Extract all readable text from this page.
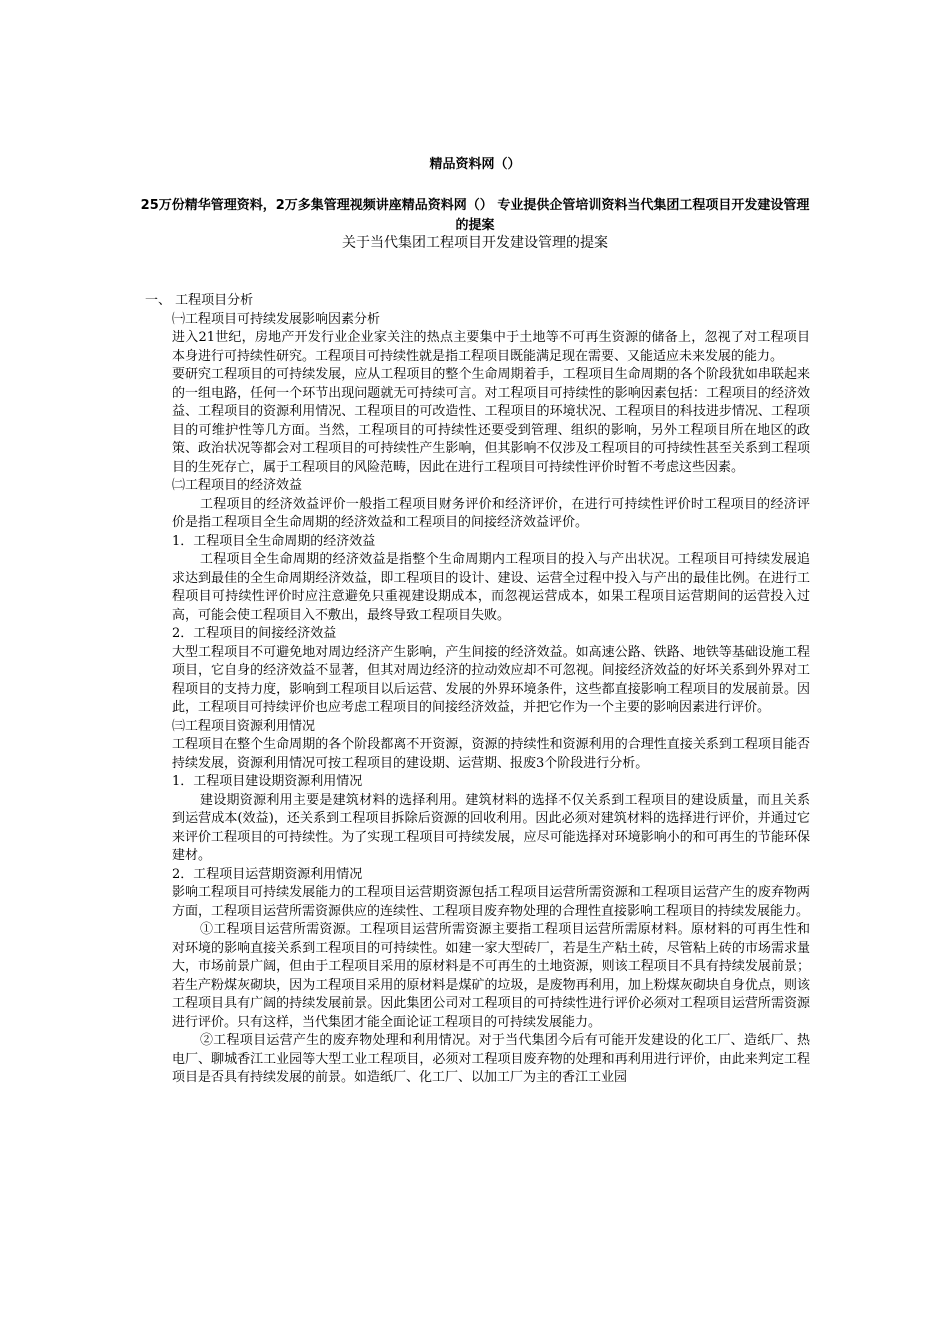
精品资料网（）
25万份精华管理资料，2万多集管理视频讲座精品资料网（） 专业提供企管培训资料当代集团工程项目开发建设管理的提案
关于当代集团工程项目开发建设管理的提案

一、 工程项目分析

㈠工程项目可持续发展影响因素分析

进入21世纪，房地产开发行业企业家关注的热点主要集中于土地等不可再生资源的储备上，忽视了对工程项目本身进行可持续性研究。工程项目可持续性就是指工程项目既能满足现在需要、又能适应未来发展的能力。

要研究工程项目的可持续发展，应从工程项目的整个生命周期着手，工程项目生命周期的各个阶段犹如串联起来的一组电路，任何一个环节出现问题就无可持续可言。对工程项目可持续性的影响因素包括：工程项目的经济效益、工程项目的资源利用情况、工程项目的可改造性、工程项目的环境状况、工程项目的科技进步情况、工程项目的可维护性等几方面。当然，工程项目的可持续性还要受到管理、组织的影响，另外工程项目所在地区的政策、政治状况等都会对工程项目的可持续性产生影响，但其影响不仅涉及工程项目的可持续性甚至关系到工程项目的生死存亡，属于工程项目的风险范畴，因此在进行工程项目可持续性评价时暂不考虑这些因素。

㈡工程项目的经济效益

工程项目的经济效益评价一般指工程项目财务评价和经济评价，在进行可持续性评价时工程项目的经济评价是指工程项目全生命周期的经济效益和工程项目的间接经济效益评价。

1．工程项目全生命周期的经济效益

工程项目全生命周期的经济效益是指整个生命周期内工程项目的投入与产出状况。工程项目可持续发展追求达到最佳的全生命周期经济效益，即工程项目的设计、建设、运营全过程中投入与产出的最佳比例。在进行工程项目可持续性评价时应注意避免只重视建设期成本，而忽视运营成本，如果工程项目运营期间的运营投入过高，可能会使工程项目入不敷出，最终导致工程项目失败。

2．工程项目的间接经济效益

大型工程项目不可避免地对周边经济产生影响，产生间接的经济效益。如高速公路、铁路、地铁等基础设施工程项目，它自身的经济效益不显著，但其对周边经济的拉动效应却不可忽视。间接经济效益的好坏关系到外界对工程项目的支持力度，影响到工程项目以后运营、发展的外界环境条件，这些都直接影响工程项目的发展前景。因此，工程项目可持续评价也应考虑工程项目的间接经济效益，并把它作为一个主要的影响因素进行评价。

㈢工程项目资源利用情况

工程项目在整个生命周期的各个阶段都离不开资源，资源的持续性和资源利用的合理性直接关系到工程项目能否持续发展，资源利用情况可按工程项目的建设期、运营期、报废3个阶段进行分析。

1．工程项目建设期资源利用情况

建设期资源利用主要是建筑材料的选择利用。建筑材料的选择不仅关系到工程项目的建设质量，而且关系到运营成本(效益)，还关系到工程项目拆除后资源的回收利用。因此必须对建筑材料的选择进行评价，并通过它来评价工程项目的可持续性。为了实现工程项目可持续发展，应尽可能选择对环境影响小的和可再生的节能环保建材。

2．工程项目运营期资源利用情况

影响工程项目可持续发展能力的工程项目运营期资源包括工程项目运营所需资源和工程项目运营产生的废弃物两方面，工程项目运营所需资源供应的连续性、工程项目废弃物处理的合理性直接影响工程项目的持续发展能力。

①工程项目运营所需资源。工程项目运营所需资源主要指工程项目运营所需原材料。原材料的可再生性和对环境的影响直接关系到工程项目的可持续性。如建一家大型砖厂，若是生产粘土砖，尽管粘上砖的市场需求量大，市场前景广阔，但由于工程项目采用的原材料是不可再生的土地资源，则该工程项目不具有持续发展前景；若生产粉煤灰砌块，因为工程项目采用的原材料是煤矿的垃圾，是废物再利用，加上粉煤灰砌块自身优点，则该工程项目具有广阔的持续发展前景。因此集团公司对工程项目的可持续性进行评价必须对工程项目运营所需资源进行评价。只有这样，当代集团才能全面论证工程项目的可持续发展能力。

②工程项目运营产生的废弃物处理和利用情况。对于当代集团今后有可能开发建设的化工厂、造纸厂、热电厂、聊城香江工业园等大型工业工程项目，必须对工程项目废弃物的处理和再利用进行评价，由此来判定工程项目是否具有持续发展的前景。如造纸厂、化工厂、以加工厂为主的香江工业园
